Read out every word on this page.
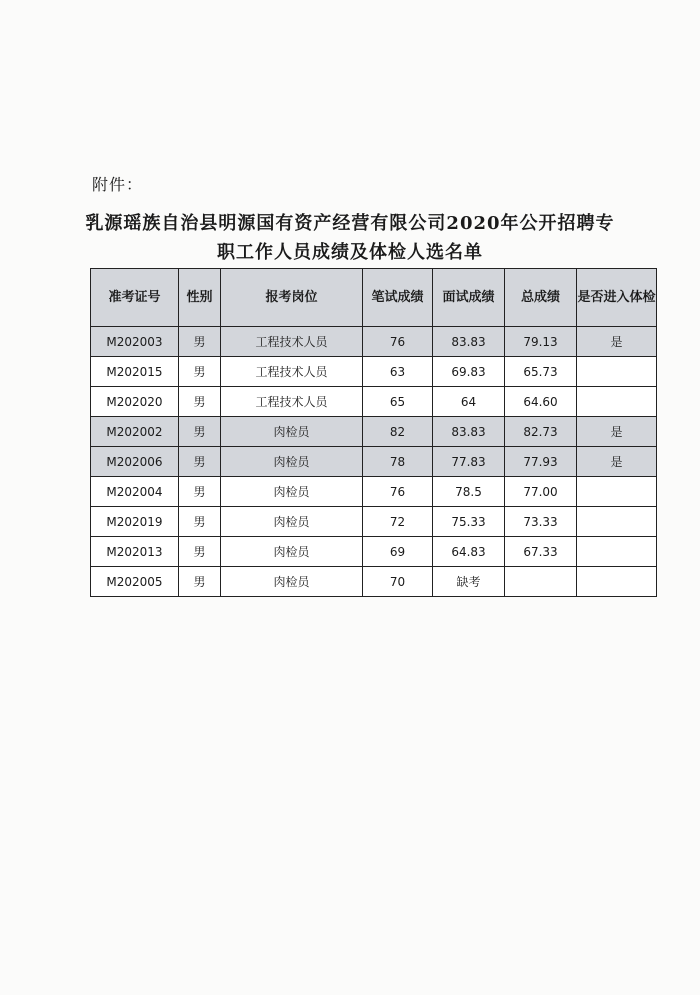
附件：
乳源瑶族自治县明源国有资产经营有限公司2020年公开招聘专
职工作人员成绩及体检人选名单
准考证号	性别	报考岗位	笔试成绩	面试成绩	总成绩	是否进入体检
M202003	男	工程技术人员	76	83.83	79.13	是
M202015	男	工程技术人员	63	69.83	65.73	
M202020	男	工程技术人员	65	64	64.60	
M202002	男	肉检员	82	83.83	82.73	是
M202006	男	肉检员	78	77.83	77.93	是
M202004	男	肉检员	76	78.5	77.00	
M202019	男	肉检员	72	75.33	73.33	
M202013	男	肉检员	69	64.83	67.33	
M202005	男	肉检员	70	缺考		
